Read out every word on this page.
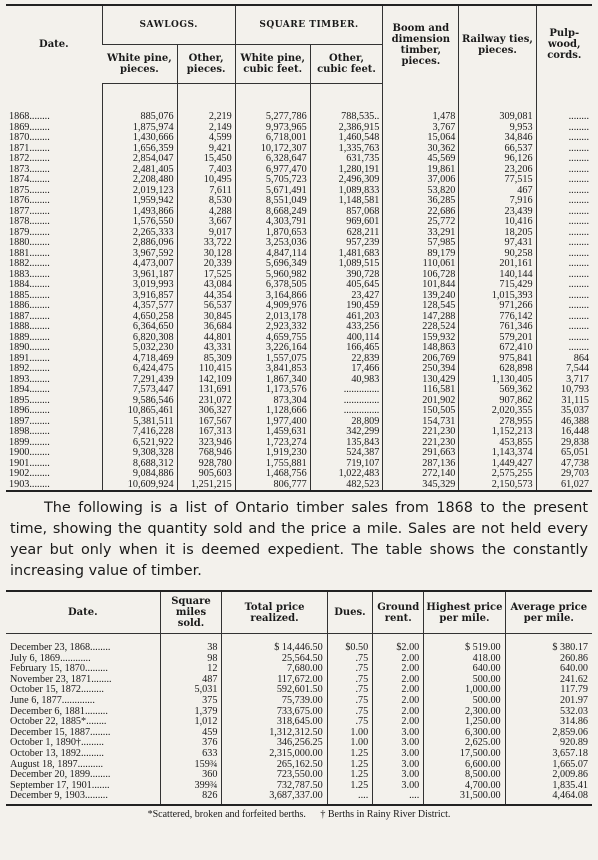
Date.	SAWLOGS.		SQUARE TIMBER.		Boom and dimension timber, pieces.	Railway ties, pieces.	Pulp-wood, cords.
	White pine, pieces.	Other, pieces.	White pine, cubic feet.	Other, cubic feet.			

1868........	885,076	2,219	5,277,786	788,535..	1,478	309,081	........
1869........	1,875,974	2,149	9,973,965	2,386,915	3,767	9,953	........
1870........	1,430,666	4,599	6,718,001	1,460,548	15,064	34,846	........
1871........	1,656,359	9,421	10,172,307	1,335,763	30,362	66,537	........
1872........	2,854,047	15,450	6,328,647	631,735	45,569	96,126	........
1873........	2,481,405	7,403	6,977,470	1,280,191	19,861	23,206	........
1874........	2,208,480	10,495	5,705,723	2,496,309	37,006	77,515	........
1875........	2,019,123	7,611	5,671,491	1,089,833	53,820	467	........
1876........	1,959,942	8,530	8,551,049	1,148,581	36,285	7,916	........
1877........	1,493,866	4,288	8,668,249	857,068	22,686	23,439	........
1878........	1,576,550	3,667	4,303,791	969,601	25,772	10,416	........
1879........	2,265,333	9,017	1,870,653	628,211	33,291	18,205	........
1880........	2,886,096	33,722	3,253,036	957,239	57,985	97,431	........
1881........	3,967,592	30,128	4,847,114	1,481,683	89,179	90,258	........
1882........	4,473,007	20,339	5,696,349	1,089,515	110,061	201,161	........
1883........	3,961,187	17,525	5,960,982	390,728	106,728	140,144	........
1884........	3,019,993	43,084	6,378,505	405,645	101,844	715,429	........
1885........	3,916,857	44,354	3,164,866	23,427	139,240	1,015,393	........
1886........	4,357,577	56,537	4,909,976	190,459	128,545	971,266	........
1887........	4,650,258	30,845	2,013,178	461,203	147,288	776,142	........
1888........	6,364,650	36,684	2,923,332	433,256	228,524	761,346	........
1889........	6,820,308	44,801	4,659,755	400,114	159,932	579,201	........
1890........	5,032,230	43,331	3,226,164	166,465	148,863	672,410	........
1891........	4,718,469	85,309	1,557,075	22,839	206,769	975,841	864
1892........	6,424,475	110,415	3,841,853	17,466	250,394	628,898	7,544
1893........	7,291,439	142,109	1,867,340	40,983	130,429	1,130,405	3,717
1894........	7,573,447	131,691	1,173,576	..............	116,581	569,362	10,793
1895........	9,586,546	231,072	873,304	..............	201,902	907,862	31,115
1896........	10,865,461	306,327	1,128,666	..............	150,505	2,020,355	35,037
1897........	5,381,511	167,567	1,977,400	28,809	154,731	278,955	46,388
1898........	7,416,228	167,313	1,459,631	342,299	221,230	1,152,213	16,448
1899........	6,521,922	323,946	1,723,274	135,843	221,230	453,855	29,838
1900........	9,308,328	768,946	1,919,230	524,387	291,663	1,143,374	65,051
1901........	8,688,312	928,780	1,755,881	719,107	287,136	1,449,427	47,738
1902........	9,084,886	905,603	1,468,756	1,022,483	272,140	2,575,255	29,703
1903........	10,609,924	1,251,215	806,777	482,523	345,329	2,150,573	61,027

The following is a list of Ontario timber sales from 1868 to the present time, showing the quantity sold and the price a mile. Sales are not held every year but only when it is deemed expedient. The table shows the constantly increasing value of timber.

Date.	Square miles sold.	Total price realized.	Dues.	Ground rent.	Highest price per mile.	Average price per mile.
December 23, 1868........	38	$ 14,446.50	$0.50	$2.00	$ 519.00	$ 380.17
July 6, 1869............	98	25,564.50	.75	2.00	418.00	260.86
February 15, 1870.........	12	7,680.00	.75	2.00	640.00	640.00
November 23, 1871........	487	117,672.00	.75	2.00	500.00	241.62
October 15, 1872.........	5,031	592,601.50	.75	2.00	1,000.00	117.79
June 6, 1877.............	375	75,739.00	.75	2.00	500.00	201.97
December 6, 1881.........	1,379	733,675.00	.75	2.00	2,300.00	532.03
October 22, 1885*........	1,012	318,645.00	.75	2.00	1,250.00	314.86
December 15, 1887........	459	1,312,312.50	1.00	3.00	6,300.00	2,859.06
October 1, 1890†.........	376	346,256.25	1.00	3.00	2,625.00	920.89
October 13, 1892.........	633	2,315,000.00	1.25	3.00	17,500.00	3,657.18
August 18, 1897..........	159¾	265,162.50	1.25	3.00	6,600.00	1,665.07
December 20, 1899........	360	723,550.00	1.25	3.00	8,500.00	2,009.86
September 17, 1901.......	399¾	732,787.50	1.25	3.00	4,700.00	1,835.41
December 9, 1903.........	826	3,687,337.00	....	....	31,500.00	4,464.08
*Scattered, broken and forfeited berths. † Berths in Rainy River District.
